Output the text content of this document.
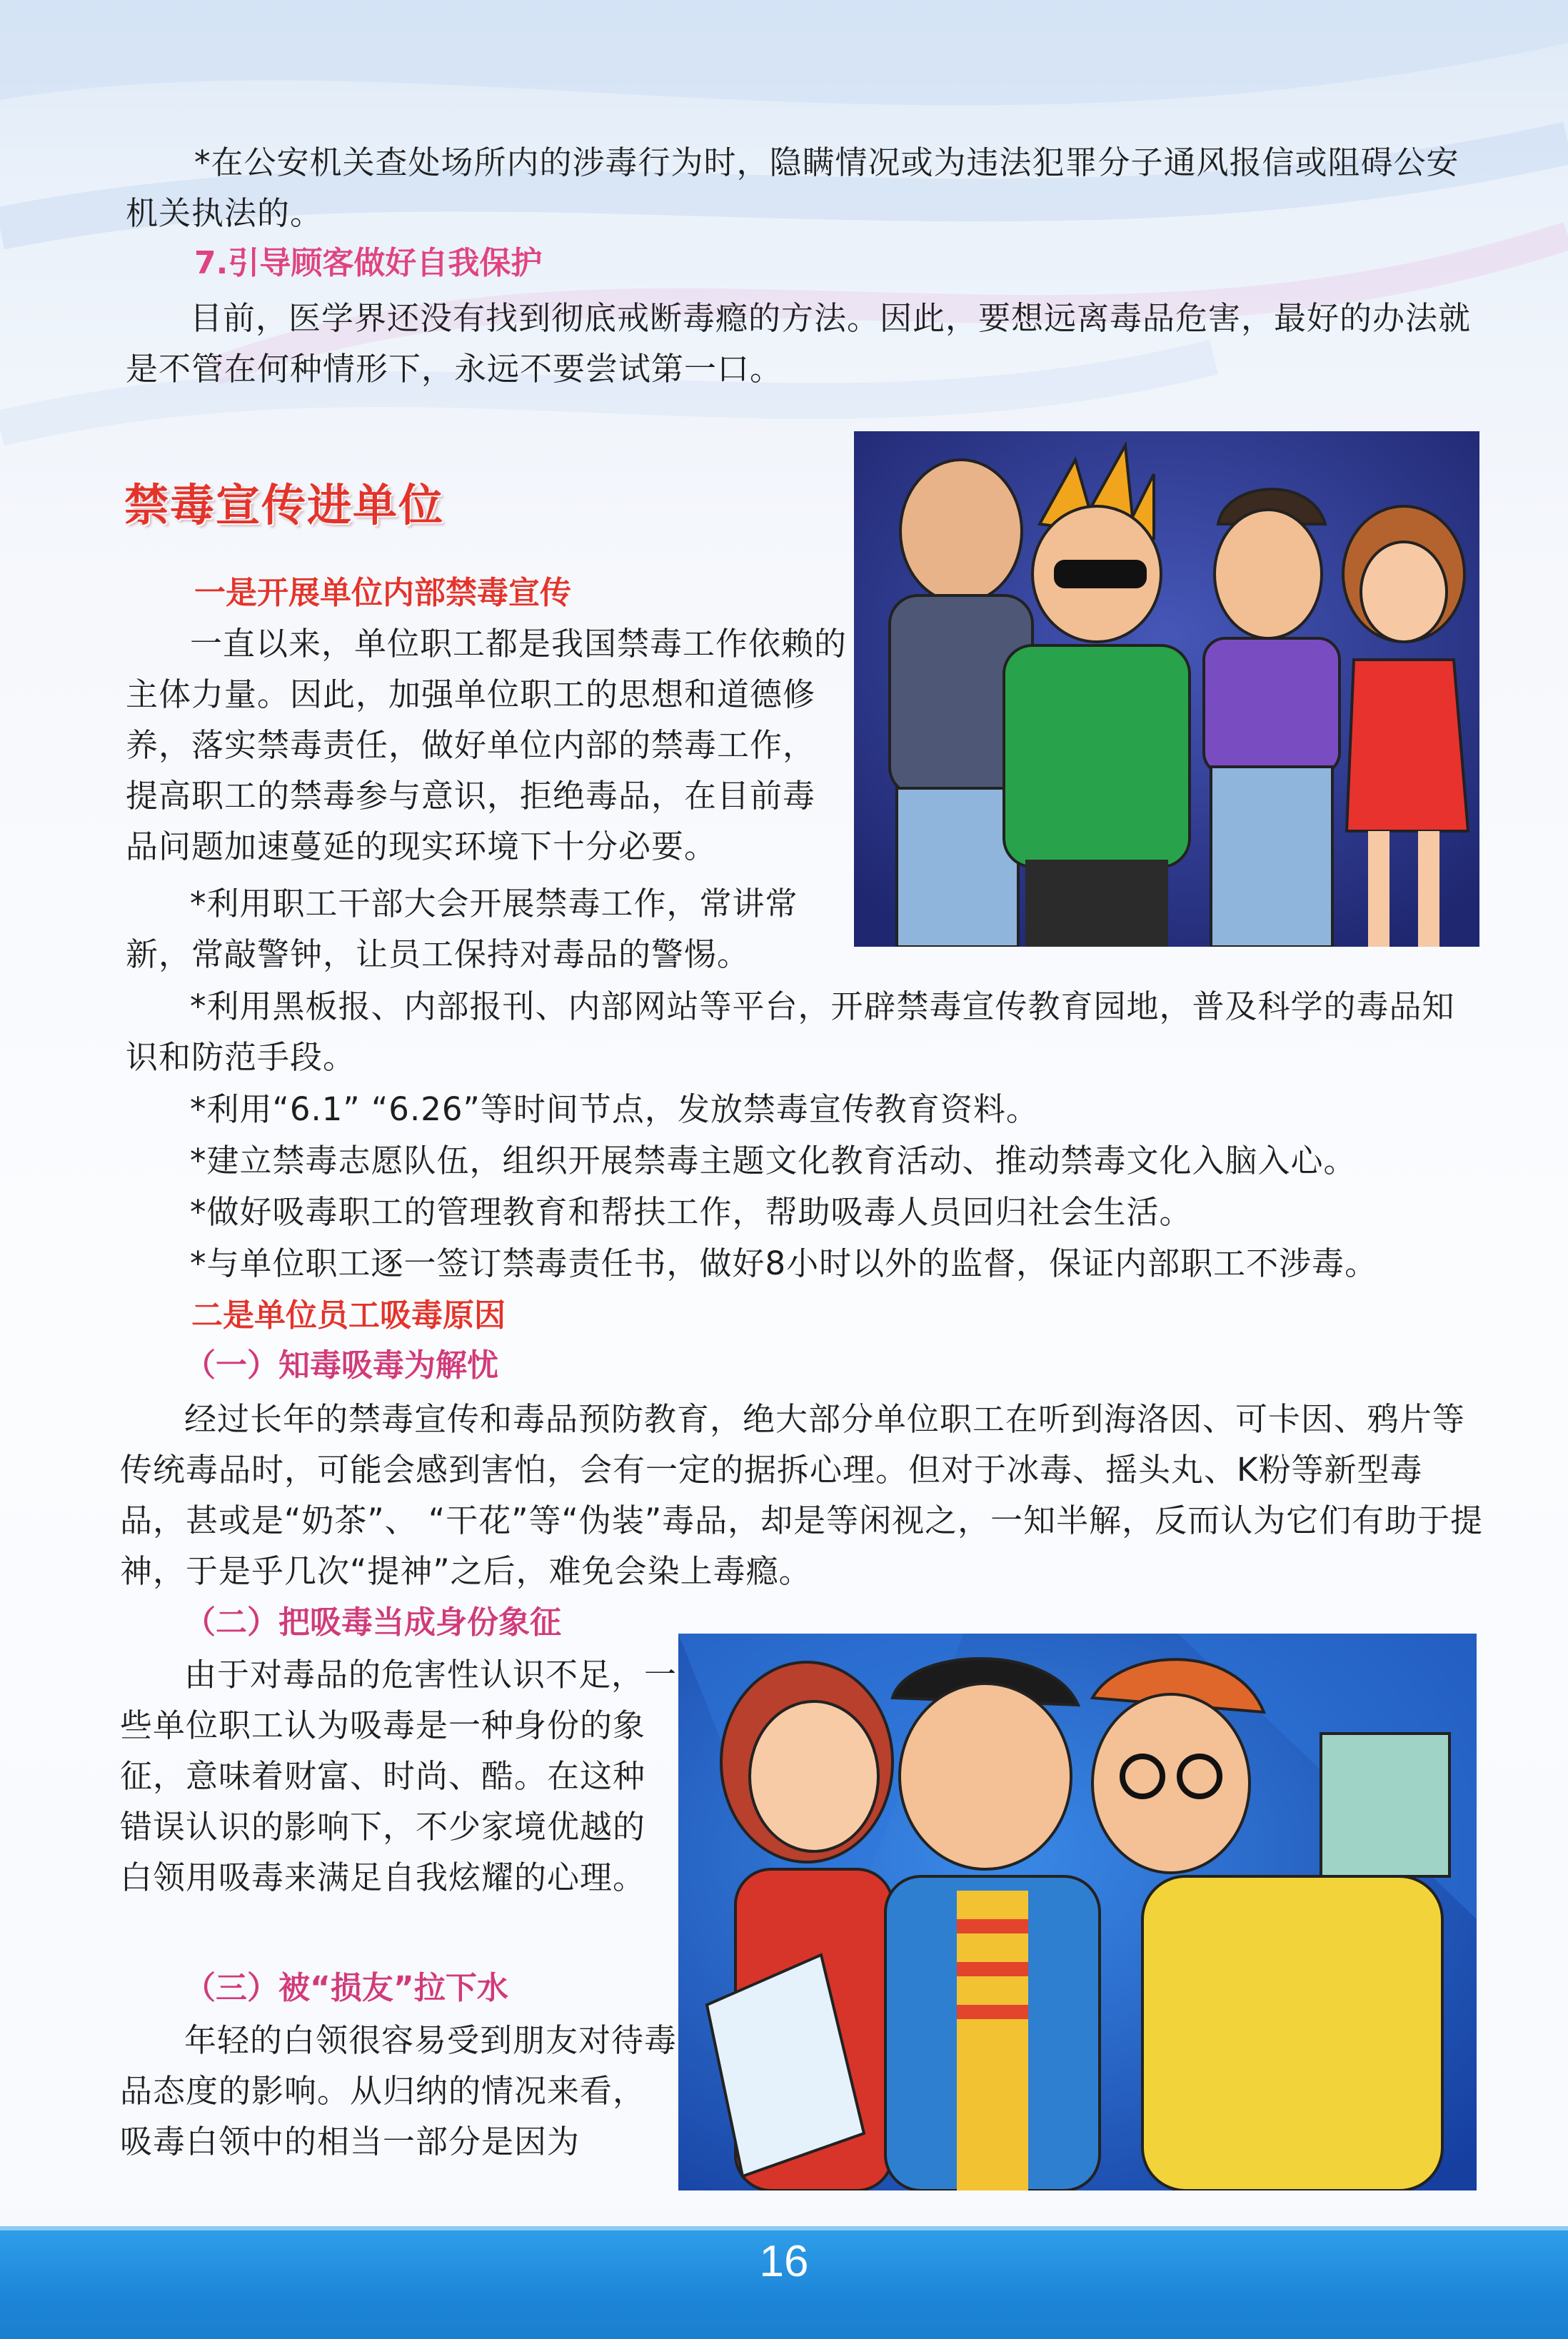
*在公安机关查处场所内的涉毒行为时，隐瞒情况或为违法犯罪分子通风报信或阻碍公安机关执法的。

7.引导顾客做好自我保护

目前，医学界还没有找到彻底戒断毒瘾的方法。因此，要想远离毒品危害，最好的办法就是不管在何种情形下，永远不要尝试第一口。

禁毒宣传进单位

一是开展单位内部禁毒宣传

一直以来，单位职工都是我国禁毒工作依赖的主体力量。因此，加强单位职工的思想和道德修养，落实禁毒责任，做好单位内部的禁毒工作，提高职工的禁毒参与意识，拒绝毒品，在目前毒品问题加速蔓延的现实环境下十分必要。

*利用职工干部大会开展禁毒工作，常讲常新，常敲警钟，让员工保持对毒品的警惕。

*利用黑板报、内部报刊、内部网站等平台，开辟禁毒宣传教育园地，普及科学的毒品知识和防范手段。

*利用“6.1” “6.26”等时间节点，发放禁毒宣传教育资料。

*建立禁毒志愿队伍，组织开展禁毒主题文化教育活动、推动禁毒文化入脑入心。

*做好吸毒职工的管理教育和帮扶工作，帮助吸毒人员回归社会生活。

*与单位职工逐一签订禁毒责任书，做好8小时以外的监督，保证内部职工不涉毒。

二是单位员工吸毒原因

（一）知毒吸毒为解忧

经过长年的禁毒宣传和毒品预防教育，绝大部分单位职工在听到海洛因、可卡因、鸦片等传统毒品时，可能会感到害怕，会有一定的据拆心理。但对于冰毒、摇头丸、K粉等新型毒品，甚或是“奶茶”、 “干花”等“伪装”毒品，却是等闲视之，一知半解，反而认为它们有助于提神，于是乎几次“提神”之后，难免会染上毒瘾。

（二）把吸毒当成身份象征

由于对毒品的危害性认识不足，一些单位职工认为吸毒是一种身份的象征，意味着财富、时尚、酷。在这种错误认识的影响下，不少家境优越的白领用吸毒来满足自我炫耀的心理。

（三）被“损友”拉下水

年轻的白领很容易受到朋友对待毒品态度的影响。从归纳的情况来看，吸毒白领中的相当一部分是因为

16
